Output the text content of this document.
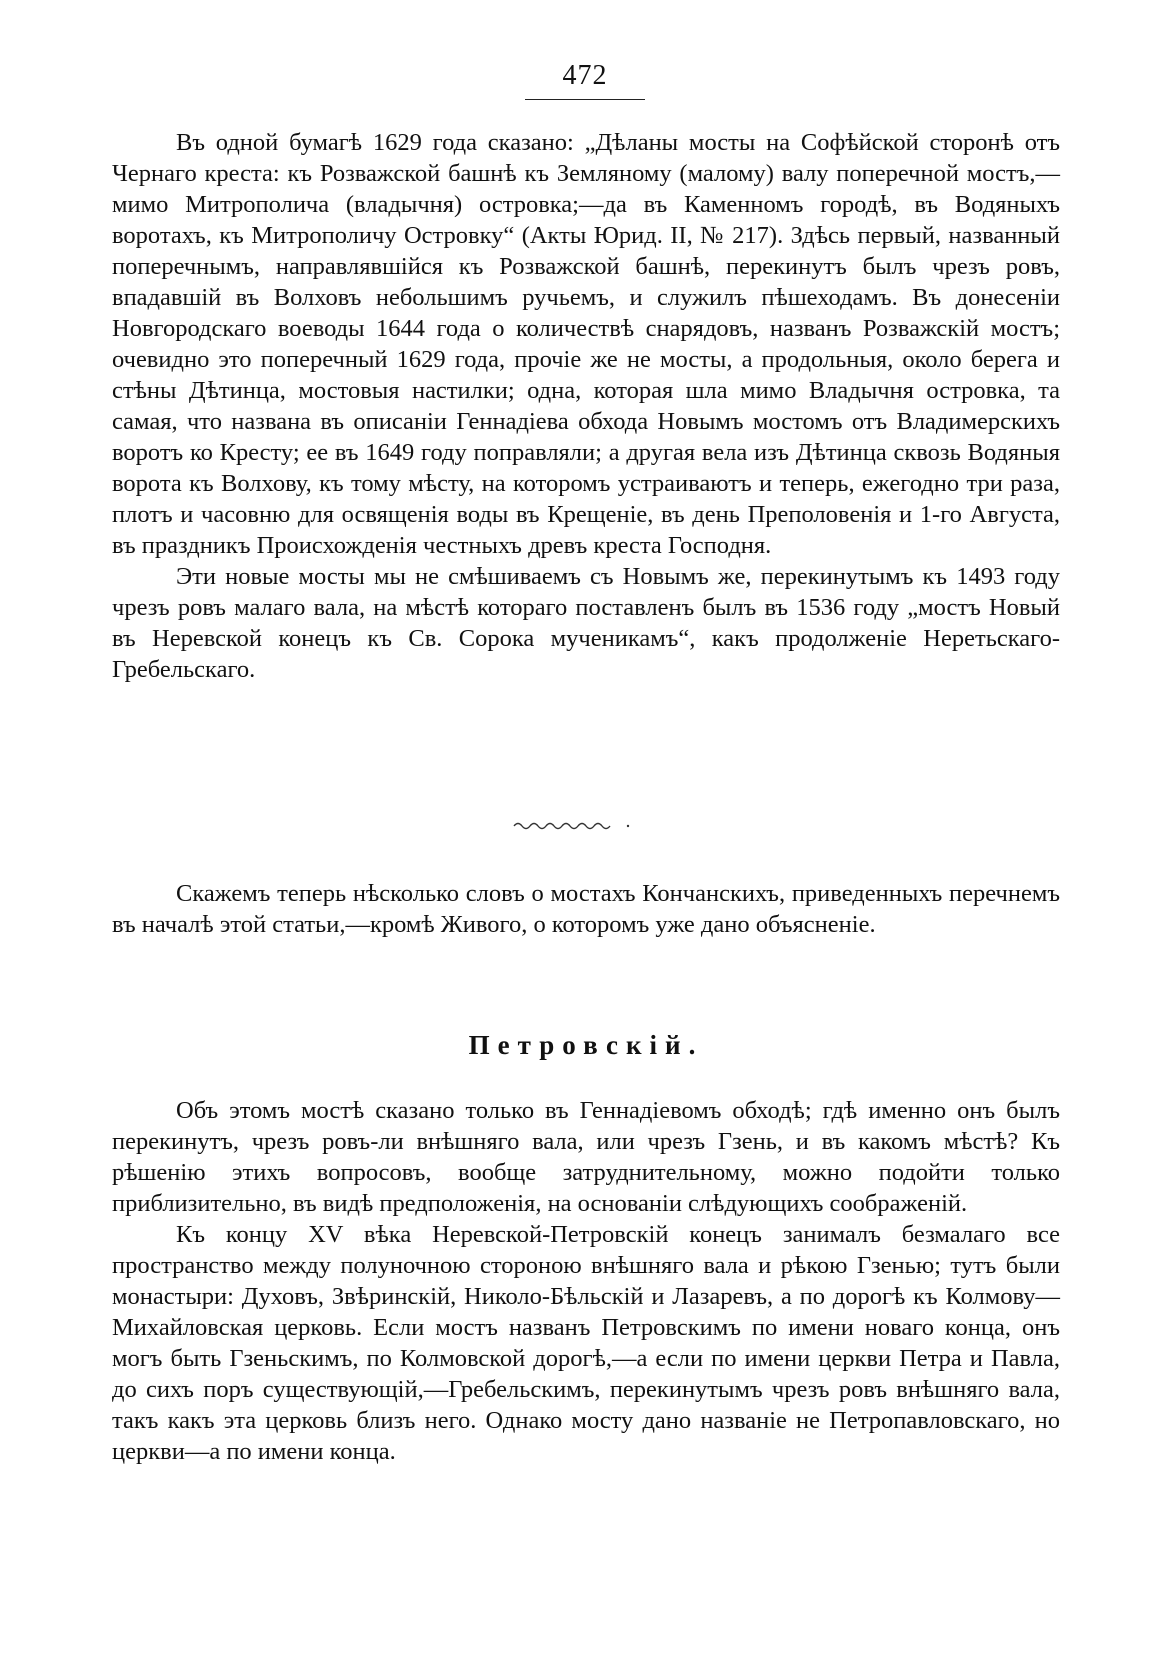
472

Въ одной бумагѣ 1629 года сказано: „Дѣланы мосты на Софѣйской сторонѣ отъ Чернаго креста: къ Розважской башнѣ къ Земляному (малому) валу поперечной мостъ,—мимо Митрополича (владычня) островка;—да въ Каменномъ городѣ, въ Водяныхъ воротахъ, къ Митрополичу Островку“ (Акты Юрид. II, № 217). Здѣсь первый, названный поперечнымъ, направлявшійся къ Розважской башнѣ, перекинутъ былъ чрезъ ровъ, впадавшій въ Волховъ небольшимъ ручьемъ, и служилъ пѣшеходамъ. Въ донесеніи Новгородскаго воеводы 1644 года о количествѣ снарядовъ, названъ Розважскій мостъ; очевидно это поперечный 1629 года, прочіе же не мосты, а продольныя, около берега и стѣны Дѣтинца, мостовыя настилки; одна, которая шла мимо Владычня островка, та самая, что названа въ описаніи Геннадіева обхода Новымъ мостомъ отъ Владимерскихъ воротъ ко Кресту; ее въ 1649 году поправляли; а другая вела изъ Дѣтинца сквозь Водяныя ворота къ Волхову, къ тому мѣсту, на которомъ устраиваютъ и теперь, ежегодно три раза, плотъ и часовню для освященія воды въ Крещеніе, въ день Преполовенія и 1-го Августа, въ праздникъ Происхожденія честныхъ древъ креста Господня.

Эти новые мосты мы не смѣшиваемъ съ Новымъ же, перекинутымъ къ 1493 году чрезъ ровъ малаго вала, на мѣстѣ котораго поставленъ былъ въ 1536 году „мостъ Новый въ Неревской конецъ къ Св. Сорока мученикамъ“, какъ продолженіе Нeретьскаго-Гребельскаго.

Скажемъ теперь нѣсколько словъ о мостахъ Кончанскихъ, приведенныхъ перечнемъ въ началѣ этой статьи,—кромѣ Живого, о которомъ уже дано объясненіе.

Петровскій.

Объ этомъ мостѣ сказано только въ Геннадіевомъ обходѣ; гдѣ именно онъ былъ перекинутъ, чрезъ ровъ-ли внѣшняго вала, или чрезъ Гзень, и въ какомъ мѣстѣ? Къ рѣшенію этихъ вопросовъ, вообще затруднительному, можно подойти только приблизительно, въ видѣ предположенія, на основаніи слѣдующихъ соображеній.

Къ концу XV вѣка Неревской-Петровскій конецъ занималъ безмалаго все пространство между полуночною стороною внѣшняго вала и рѣкою Гзенью; тутъ были монастыри: Духовъ, Звѣринскій, Николо-Бѣльскій и Лазаревъ, а по дорогѣ къ Колмову—Михайловская церковь. Если мостъ названъ Петровскимъ по имени новаго конца, онъ могъ быть Гзеньскимъ, по Колмовской дорогѣ,—а если по имени церкви Петра и Павла, до сихъ поръ существующій,—Гребельскимъ, перекинутымъ чрезъ ровъ внѣшняго вала, такъ какъ эта церковь близъ него. Однако мосту дано названіе не Петропавловскаго, но церкви—а по имени конца.
